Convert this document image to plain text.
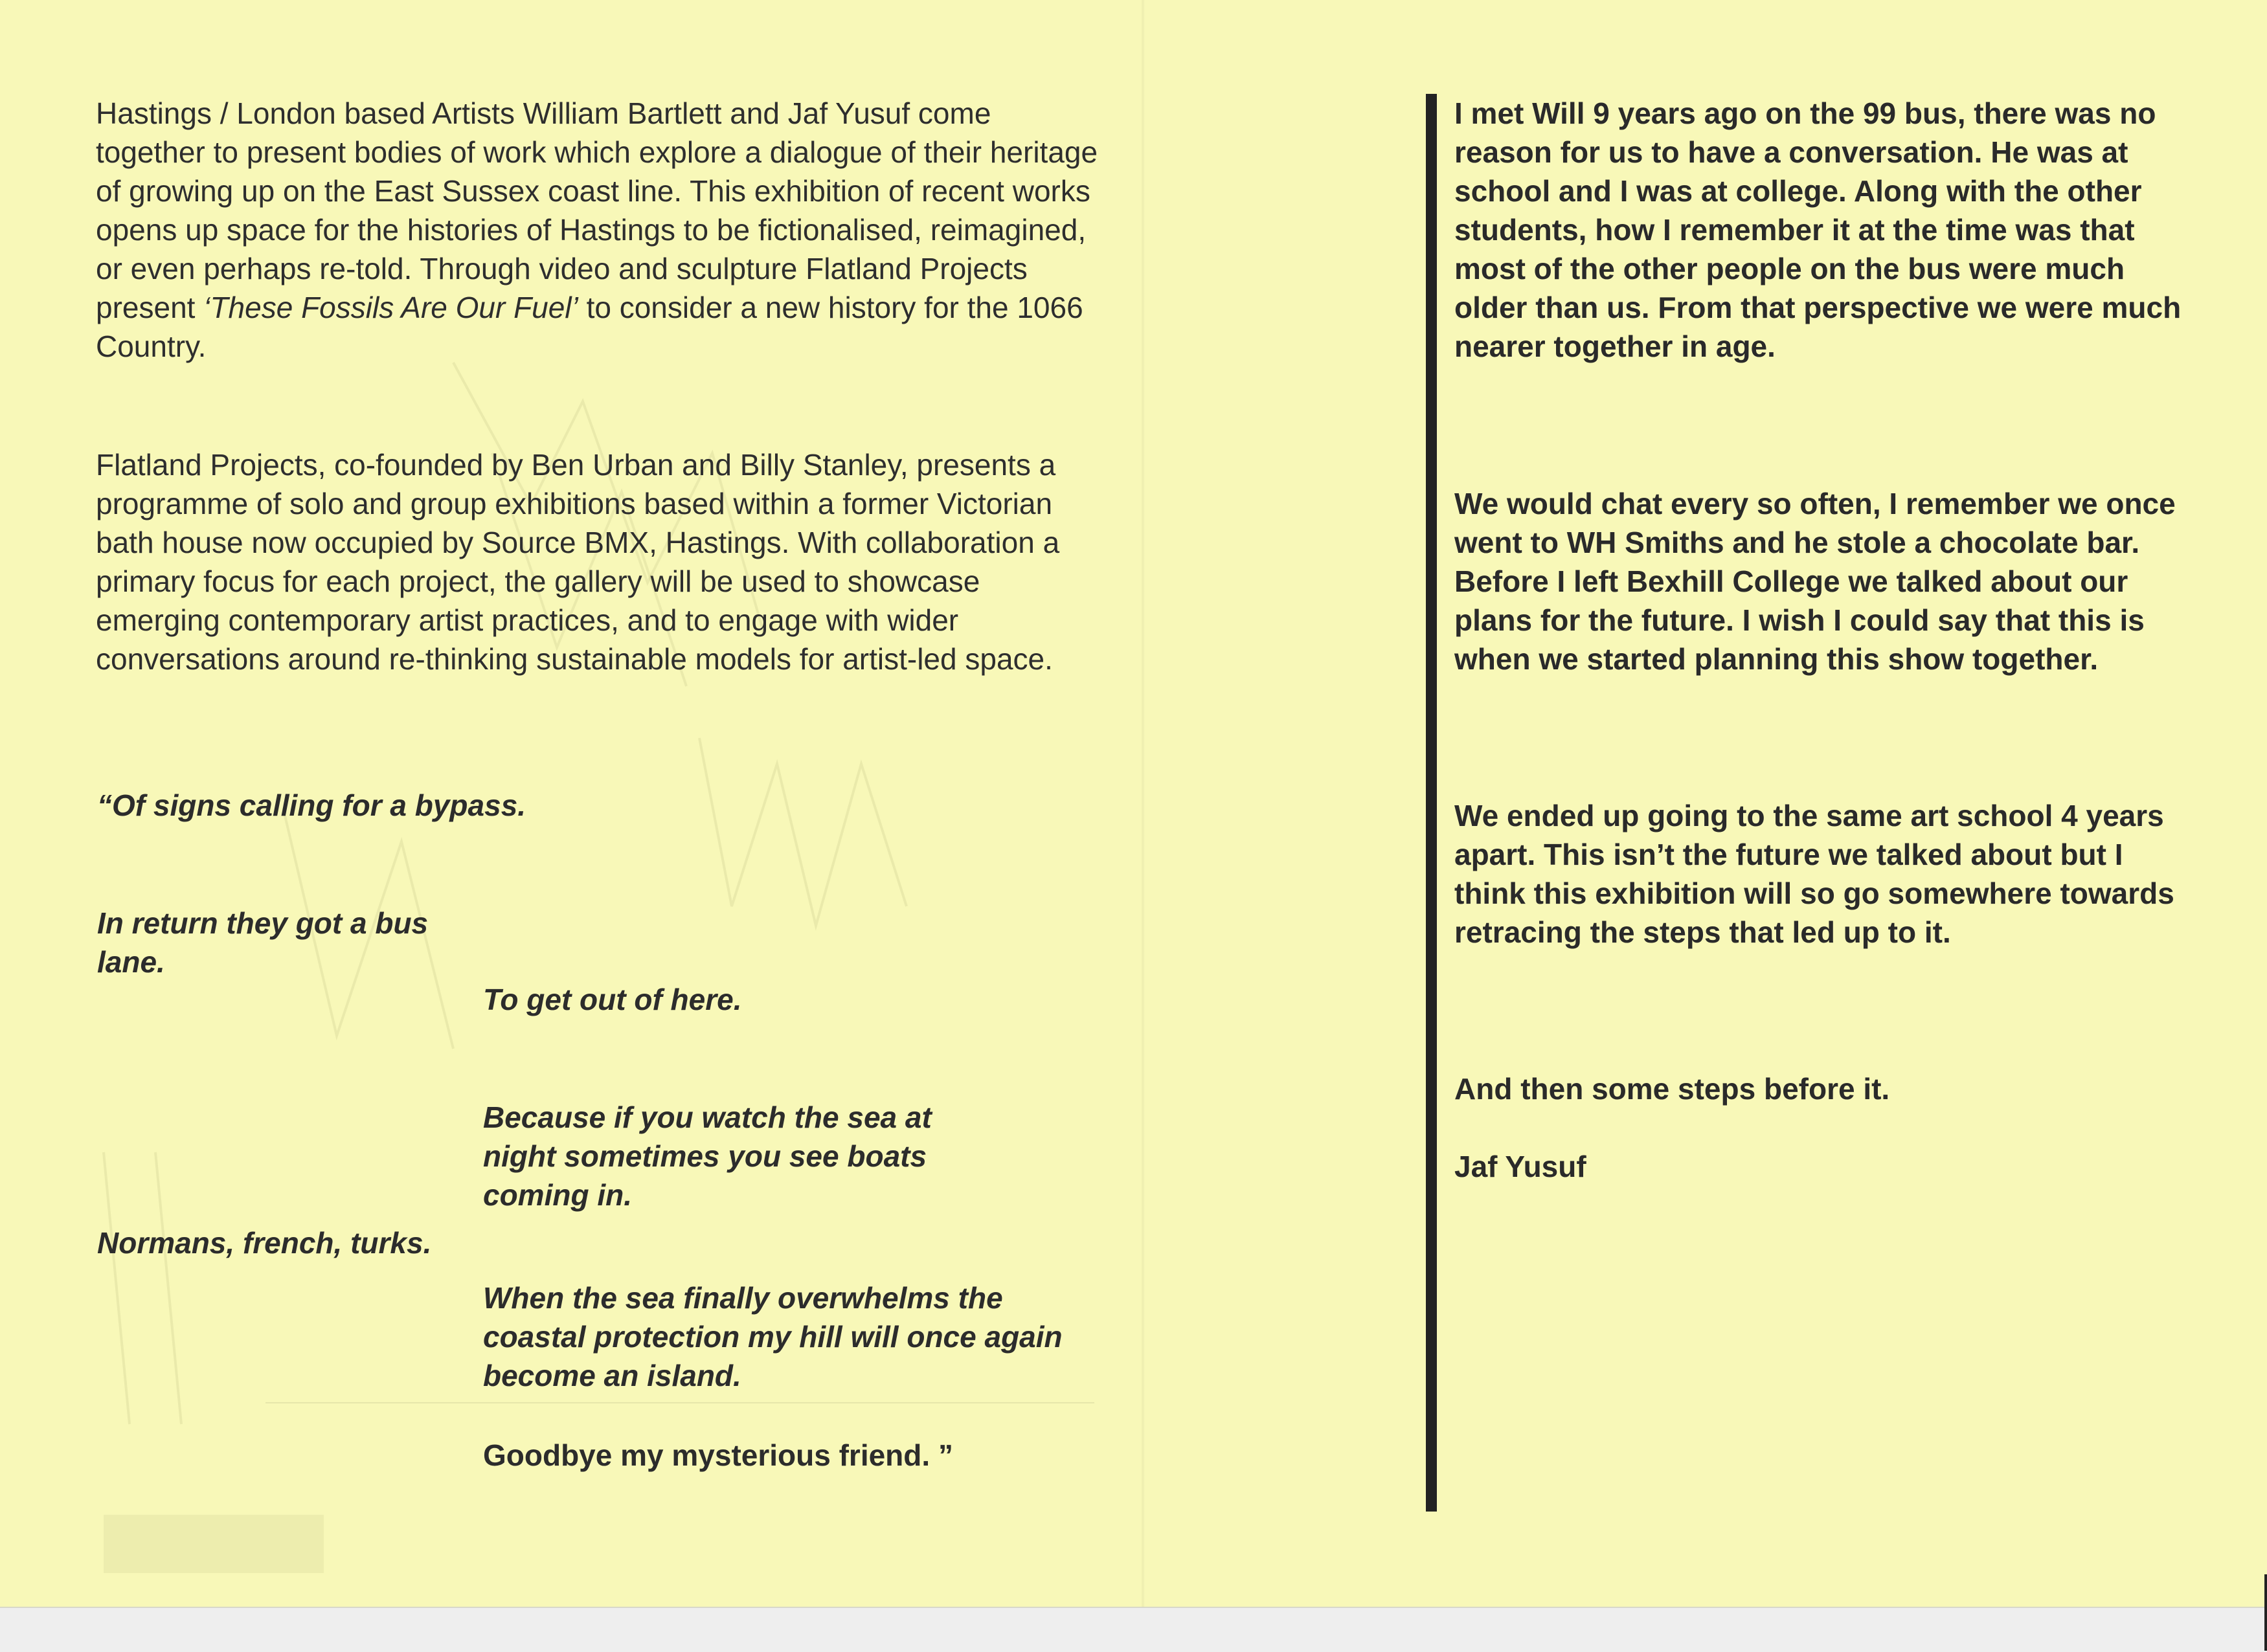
Hastings / London based Artists William Bartlett and Jaf Yusuf come together to present bodies of work which explore a dialogue of their heritage of growing up on the East Sussex coast line. This exhibition of recent works opens up space for the histories of Hastings to be fictionalised, reimagined, or even perhaps re-told. Through video and sculpture Flatland Projects present ‘These Fossils Are Our Fuel’ to consider a new history for the 1066 Country.

Flatland Projects, co-founded by Ben Urban and Billy Stanley, presents a programme of solo and group exhibitions based within a former Victorian bath house now occupied by Source BMX, Hastings. With collaboration a primary focus for each project, the gallery will be used to showcase emerging contemporary artist practices, and to engage with wider conversations around re-thinking sustainable models for artist-led space.

“Of signs calling for a bypass.

In return they got a bus lane.

To get out of here.

Because if you watch the sea at night sometimes you see boats coming in.

Normans, french, turks.

When the sea finally overwhelms the coastal protection my hill will once again become an island.

Goodbye my mysterious friend. ”

I met Will 9 years ago on the 99 bus, there was no reason for us to have a conversation. He was at school and I was at college. Along with the other students, how I remember it at the time was that most of the other people on the bus were much older than us. From that perspective we were much nearer together in age.

We would chat every so often, I remember we once went to WH Smiths and he stole a chocolate bar. Before I left Bexhill College we talked about our plans for the future. I wish I could say that this is when we started planning this show together.

We ended up going to the same art school 4 years apart. This isn’t the future we talked about but I think this exhibition will so go somewhere towards retracing the steps that led up to it.

And then some steps before it.

Jaf Yusuf
